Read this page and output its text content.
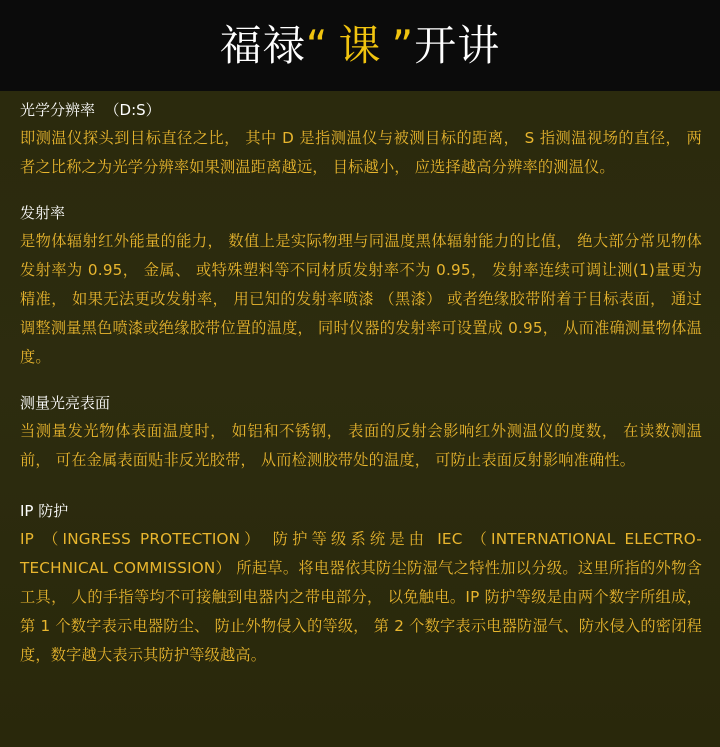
福禄“ 课 ”开讲
光学分辨率  （D:S）

即测温仪探头到目标直径之比， 其中 D 是指测温仪与被测目标的距离， S 指测温视场的直径， 两者之比称之为光学分辨率如果测温距离越远， 目标越小， 应选择越高分辨率的测温仪。

发射率

是物体辐射红外能量的能力， 数值上是实际物理与同温度黑体辐射能力的比值， 绝大部分常见物体发射率为 0.95， 金属、 或特殊塑料等不同材质发射率不为 0.95， 发射率连续可调让测(1)量更为精准， 如果无法更改发射率， 用已知的发射率喷漆 （黑漆） 或者绝缘胶带附着于目标表面， 通过调整测量黑色喷漆或绝缘胶带位置的温度， 同时仪器的发射率可设置成 0.95， 从而准确测量物体温度。

测量光亮表面

当测量发光物体表面温度时， 如铝和不锈钢， 表面的反射会影响红外测温仪的度数， 在读数测温前， 可在金属表面贴非反光胶带， 从而检测胶带处的温度， 可防止表面反射影响准确性。

IP 防护

IP （INGRESS PROTECTION） 防护等级系统是由 IEC （INTERNATIONAL ELECTRO-TECHNICAL COMMISSION） 所起草。将电器依其防尘防湿气之特性加以分级。这里所指的外物含工具， 人的手指等均不可接触到电器内之带电部分， 以免触电。IP 防护等级是由两个数字所组成， 第 1 个数字表示电器防尘、 防止外物侵入的等级， 第 2 个数字表示电器防湿气、防水侵入的密闭程度，数字越大表示其防护等级越高。
